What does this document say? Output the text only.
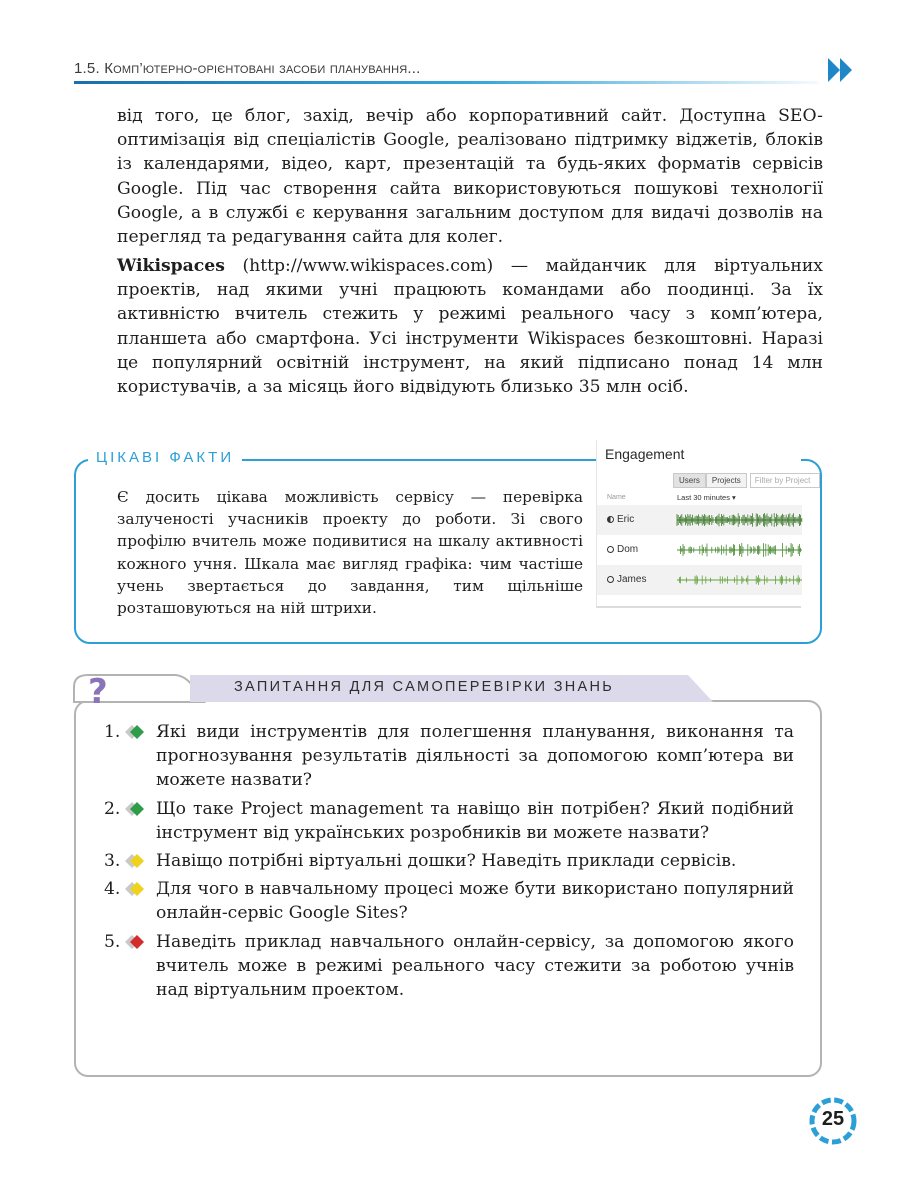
1.5. Комп’ютерно-орієнтовані засоби планування...
від того, це блог, захід, вечір або корпоративний сайт. Доступна SEO-оптимізація від спеціалістів Google, реалізовано підтримку віджетів, блоків із календарями, відео, карт, презентацій та будь-яких форматів сервісів Google. Під час створення сайта використовуються пошукові технології Google, а в службі є керування загальним доступом для видачі дозволів на перегляд та редагування сайта для колег.
Wikispaces (http://www.wikispaces.com) — майданчик для віртуальних проектів, над якими учні працюють командами або поодинці. За їх активністю вчитель стежить у режимі реального часу з комп’ютера, планшета або смартфона. Усі інструменти Wikispaces безкоштовні. Наразі це популярний освітній інструмент, на який підписано понад 14 млн користувачів, а за місяць його відвідують близько 35 млн осіб.
ЦІКАВІ ФАКТИ
Є досить цікава можливість сервісу — перевірка залученості учасників проекту до роботи. Зі свого профілю вчитель може подивитися на шкалу активності кожного учня. Шкала має вигляд графіка: чим частіше учень звертається до завдання, тим щільніше розташовуються на ній штрихи.
Engagement
Users	Projects	Filter by Project
Name	Last 30 minutes ▾
Eric
Dom
James
?	ЗАПИТАННЯ ДЛЯ САМОПЕРЕВІРКИ ЗНАНЬ
1. Які види інструментів для полегшення планування, виконання та прогнозування результатів діяльності за допомогою комп’ютера ви можете назвати?
2. Що таке Project management та навіщо він потрібен? Який подібний інструмент від українських розробників ви можете назвати?
3. Навіщо потрібні віртуальні дошки? Наведіть приклади сервісів.
4. Для чого в навчальному процесі може бути використано популярний онлайн-сервіс Google Sites?
5. Наведіть приклад навчального онлайн-сервісу, за допомогою якого вчитель може в режимі реального часу стежити за роботою учнів над віртуальним проектом.
25
